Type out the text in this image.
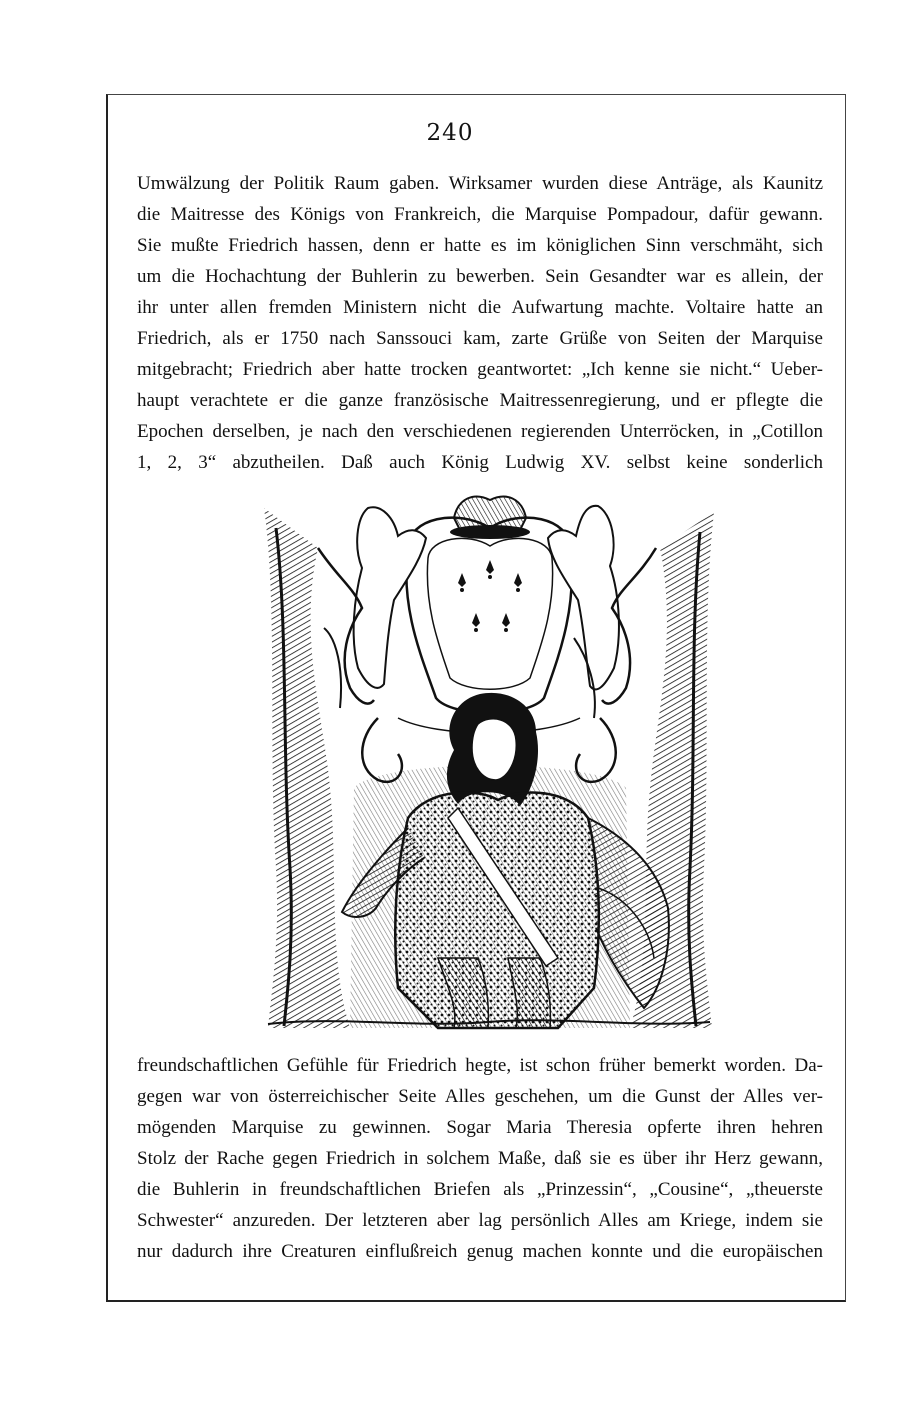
240
Umwälzung der Politik Raum gaben. Wirksamer wurden diese Anträge, als Kaunitz
die Maitresse des Königs von Frankreich, die Marquise Pompadour, dafür gewann.
Sie mußte Friedrich hassen, denn er hatte es im königlichen Sinn verschmäht, sich
um die Hochachtung der Buhlerin zu bewerben. Sein Gesandter war es allein, der
ihr unter allen fremden Ministern nicht die Aufwartung machte. Voltaire hatte an
Friedrich, als er 1750 nach Sanssouci kam, zarte Grüße von Seiten der Marquise
mitgebracht; Friedrich aber hatte trocken geantwortet: „Ich kenne sie nicht.“ Ueber-
haupt verachtete er die ganze französische Maitressenregierung, und er pflegte die
Epochen derselben, je nach den verschiedenen regierenden Unterröcken, in „Cotillon
1, 2, 3“ abzutheilen. Daß auch König Ludwig XV. selbst keine sonderlich
freundschaftlichen Gefühle für Friedrich hegte, ist schon früher bemerkt worden. Da-
gegen war von österreichischer Seite Alles geschehen, um die Gunst der Alles ver-
mögenden Marquise zu gewinnen. Sogar Maria Theresia opferte ihren hehren
Stolz der Rache gegen Friedrich in solchem Maße, daß sie es über ihr Herz gewann,
die Buhlerin in freundschaftlichen Briefen als „Prinzessin“, „Cousine“, „theuerste
Schwester“ anzureden. Der letzteren aber lag persönlich Alles am Kriege, indem sie
nur dadurch ihre Creaturen einflußreich genug machen konnte und die europäischen
